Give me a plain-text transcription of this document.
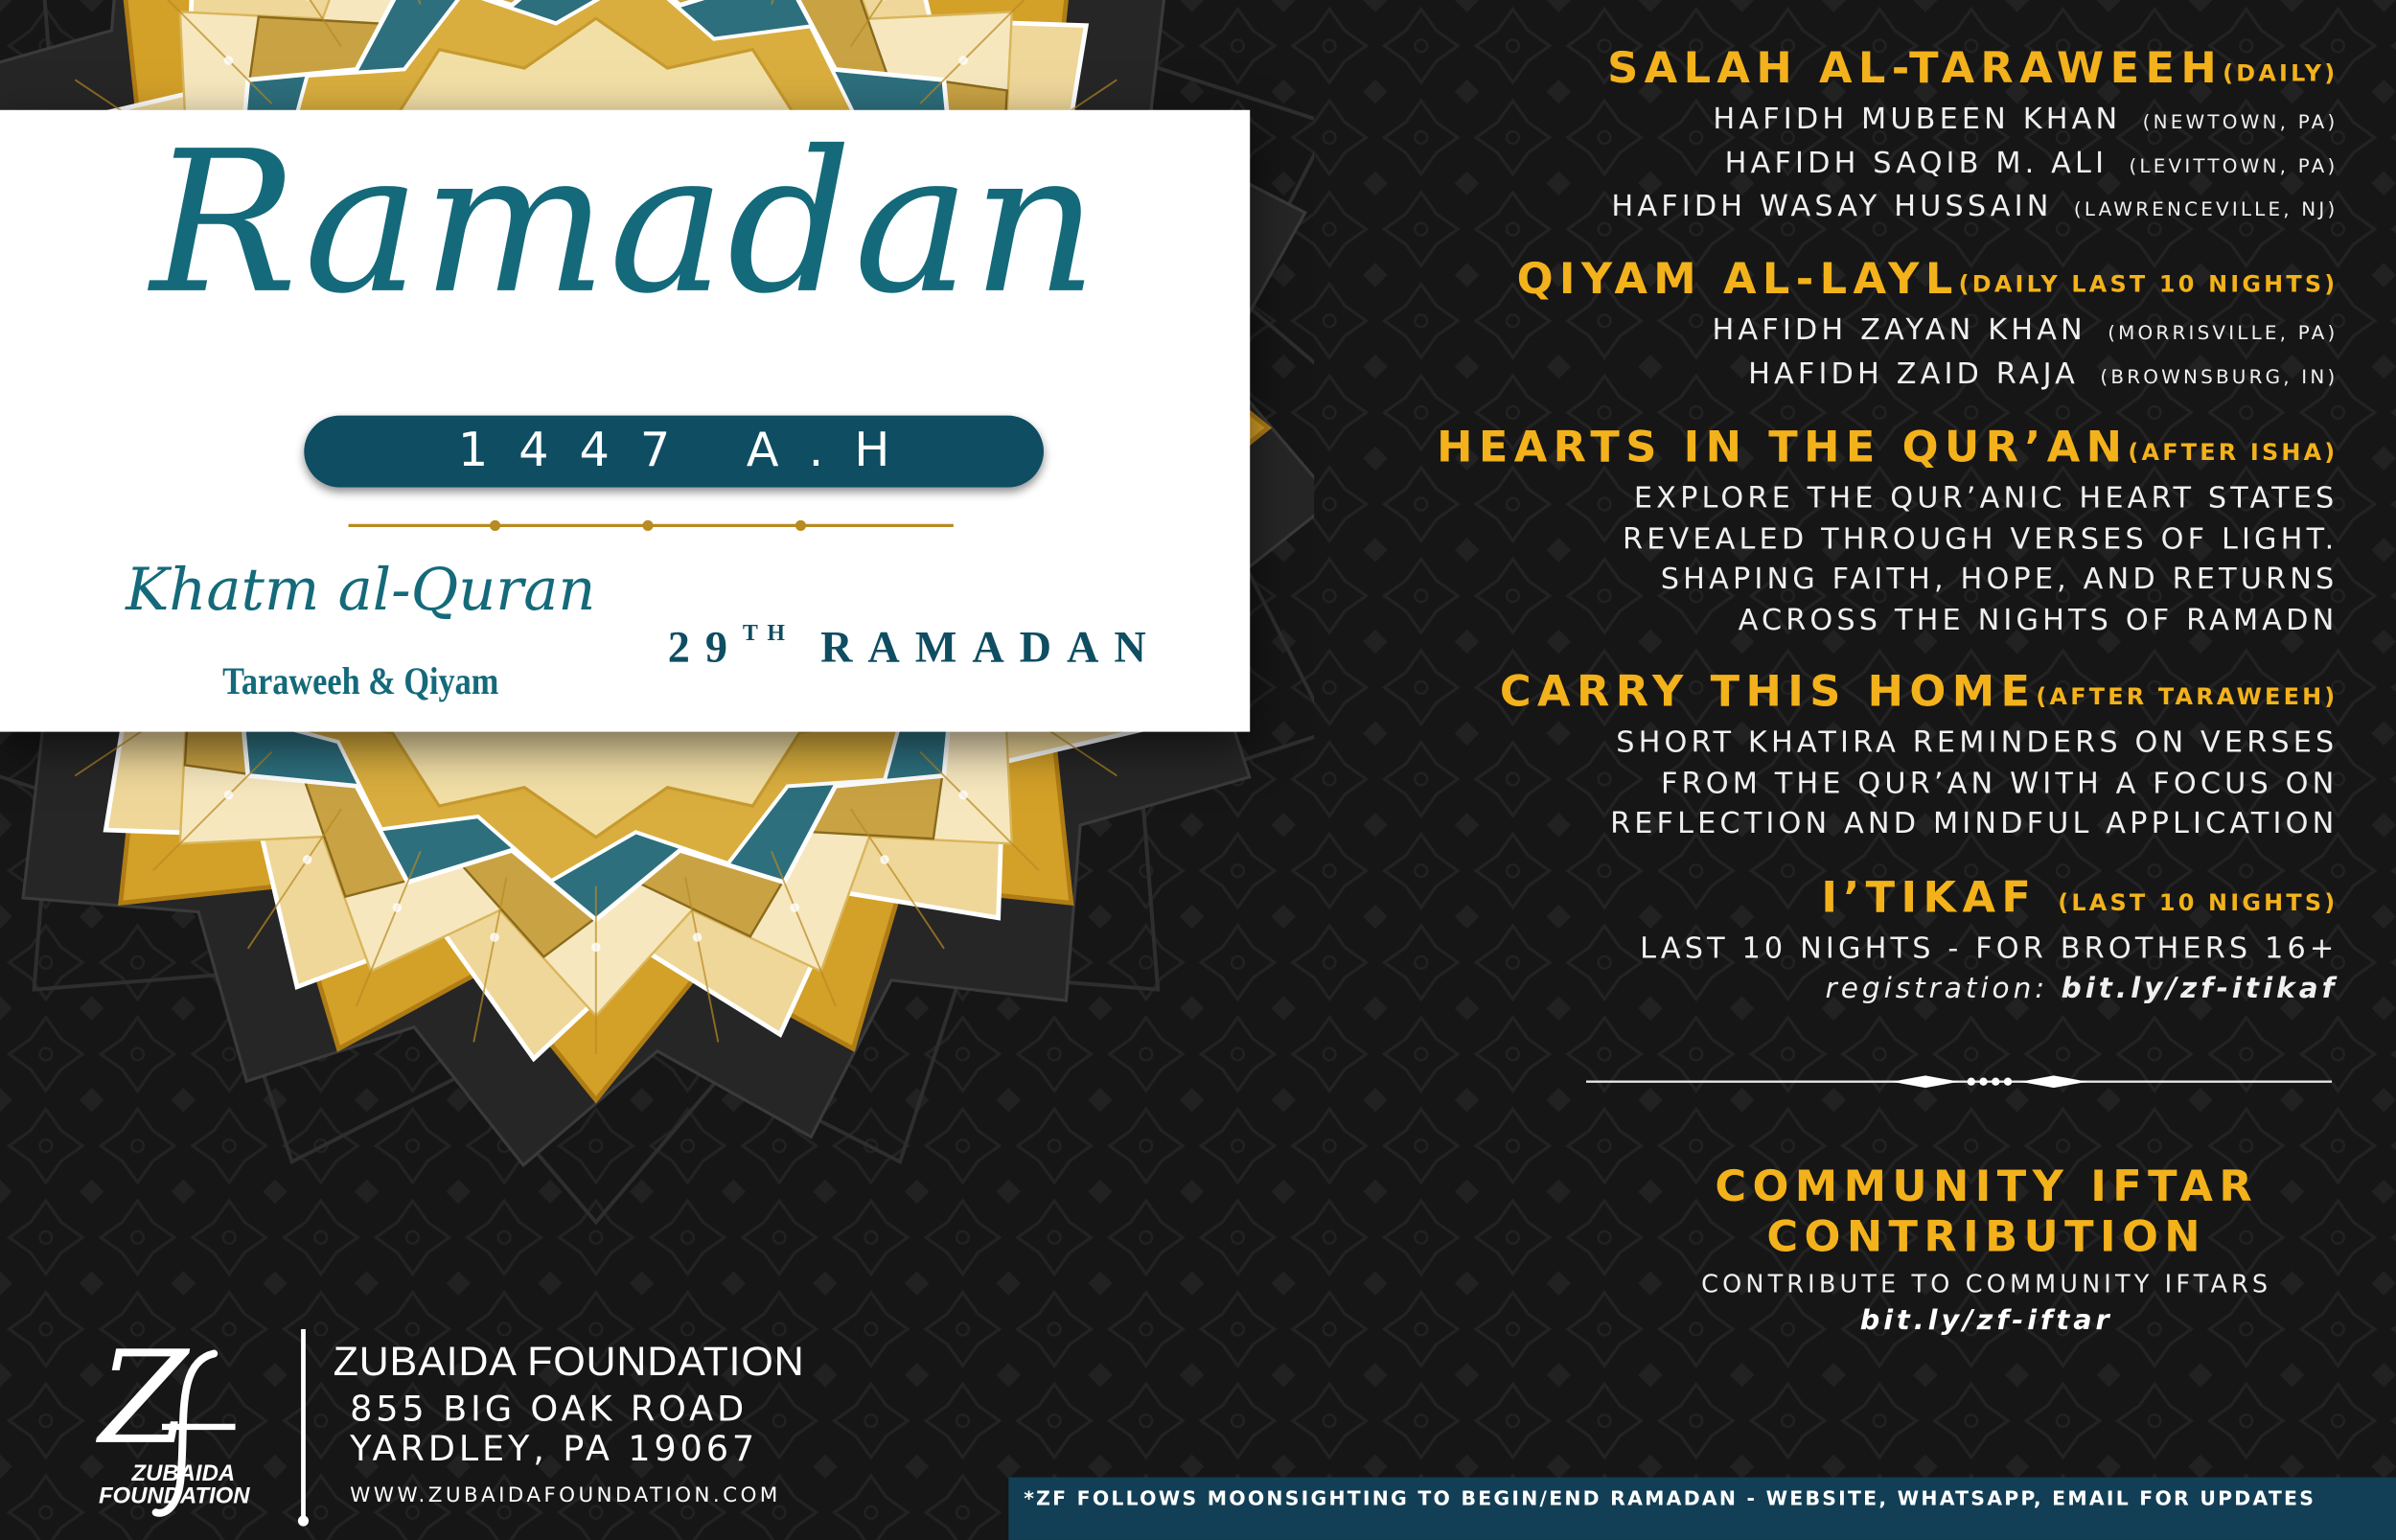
Ramadan
1447 A.H
Khatm al-Quran
Taraweeh & Qiyam
29TH RAMADAN
SALAH AL-TARAWEEH(DAILY)
HAFIDH MUBEEN KHAN (NEWTOWN, PA)
HAFIDH SAQIB M. ALI (LEVITTOWN, PA)
HAFIDH WASAY HUSSAIN (LAWRENCEVILLE, NJ)
QIYAM AL-LAYL(DAILY LAST 10 NIGHTS)
HAFIDH ZAYAN KHAN (MORRISVILLE, PA)
HAFIDH ZAID RAJA (BROWNSBURG, IN)
HEARTS IN THE QUR’AN(AFTER ISHA)
EXPLORE THE QUR’ANIC HEART STATES
REVEALED THROUGH VERSES OF LIGHT.
SHAPING FAITH, HOPE, AND RETURNS
ACROSS THE NIGHTS OF RAMADN
CARRY THIS HOME(AFTER TARAWEEH)
SHORT KHATIRA REMINDERS ON VERSES
FROM THE QUR’AN WITH A FOCUS ON
REFLECTION AND MINDFUL APPLICATION
I’TIKAF (LAST 10 NIGHTS)
LAST 10 NIGHTS - FOR BROTHERS 16+
registration: bit.ly/zf-itikaf
COMMUNITY IFTAR
CONTRIBUTION
CONTRIBUTE TO COMMUNITY IFTARS
bit.ly/zf-iftar
Z
ZUBAIDA
FOUNDATION
ZUBAIDA FOUNDATION
855 BIG OAK ROAD
YARDLEY, PA 19067
WWW.ZUBAIDAFOUNDATION.COM	*ZF FOLLOWS MOONSIGHTING TO BEGIN/END RAMADAN - WEBSITE, WHATSAPP, EMAIL FOR UPDATES
